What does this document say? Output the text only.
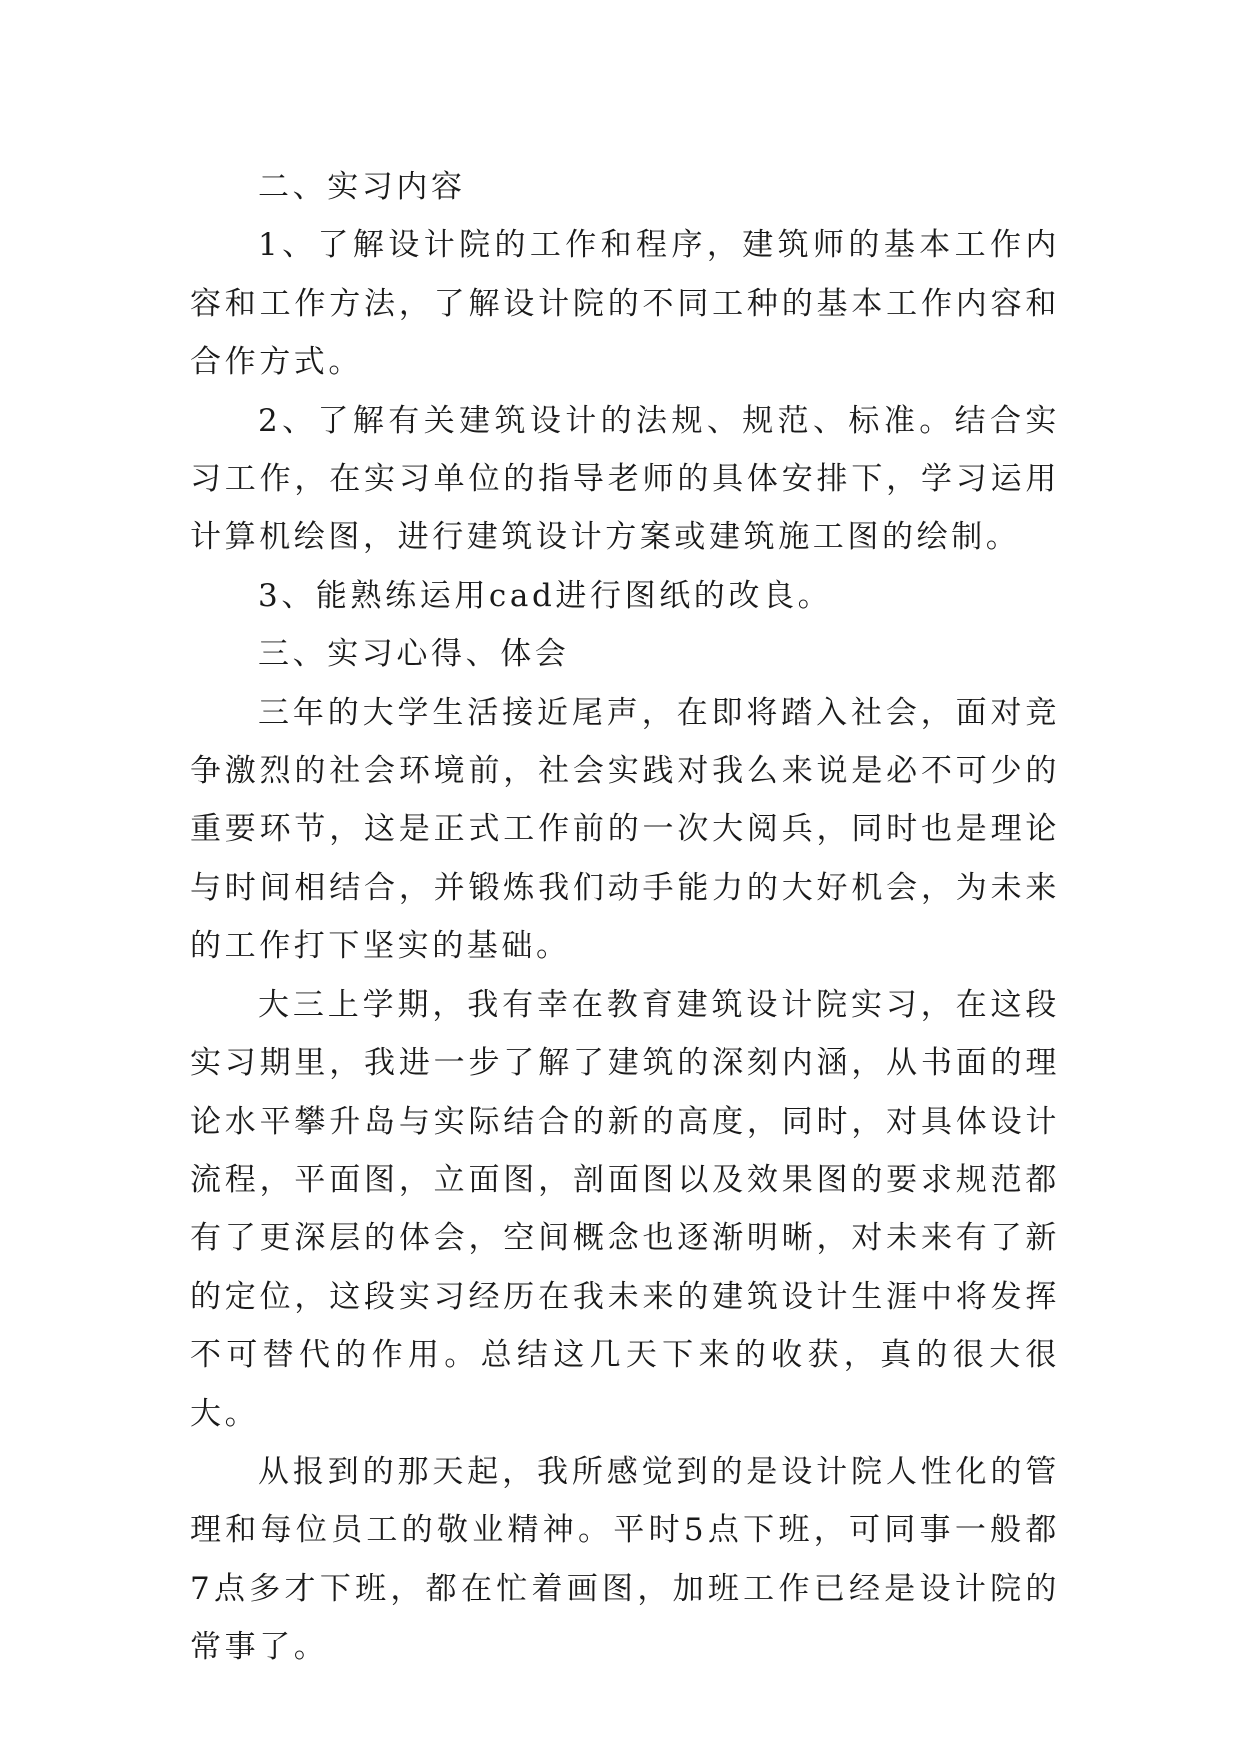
二、实习内容

1、了解设计院的工作和程序，建筑师的基本工作内容和工作方法，了解设计院的不同工种的基本工作内容和合作方式。

2、了解有关建筑设计的法规、规范、标准。结合实习工作，在实习单位的指导老师的具体安排下，学习运用计算机绘图，进行建筑设计方案或建筑施工图的绘制。

3、能熟练运用cad进行图纸的改良。

三、实习心得、体会

三年的大学生活接近尾声，在即将踏入社会，面对竞争激烈的社会环境前，社会实践对我么来说是必不可少的重要环节，这是正式工作前的一次大阅兵，同时也是理论与时间相结合，并锻炼我们动手能力的大好机会，为未来的工作打下坚实的基础。

大三上学期，我有幸在教育建筑设计院实习，在这段实习期里，我进一步了解了建筑的深刻内涵，从书面的理论水平攀升岛与实际结合的新的高度，同时，对具体设计流程，平面图，立面图，剖面图以及效果图的要求规范都有了更深层的体会，空间概念也逐渐明晰，对未来有了新的定位，这段实习经历在我未来的建筑设计生涯中将发挥不可替代的作用。总结这几天下来的收获，真的很大很大。

从报到的那天起，我所感觉到的是设计院人性化的管理和每位员工的敬业精神。平时5点下班，可同事一般都7点多才下班，都在忙着画图，加班工作已经是设计院的常事了。
